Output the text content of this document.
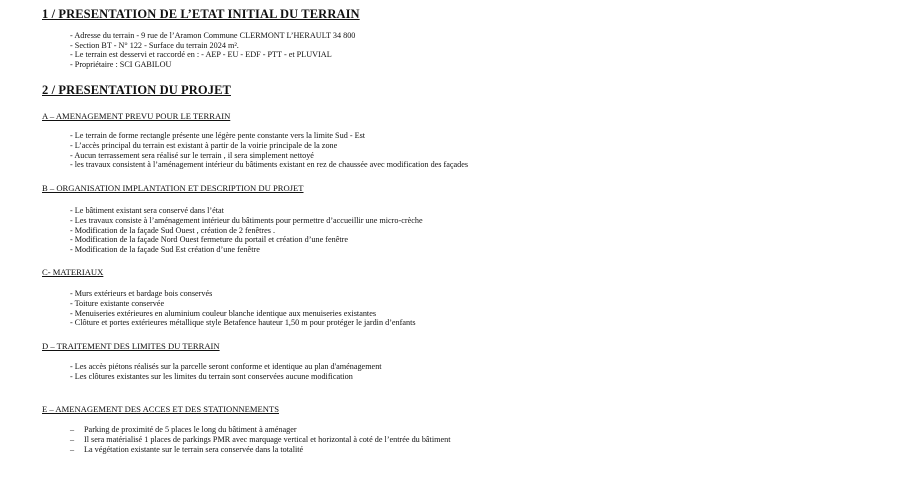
1 / PRESENTATION DE L’ETAT INITIAL DU TERRAIN
- Adresse du terrain - 9 rue de l’Aramon Commune CLERMONT L’HERAULT 34 800
- Section BT - N° 122 - Surface du terrain 2024 m².
- Le terrain est desservi et raccordé en : - AEP - EU - EDF - PTT - et PLUVIAL
- Propriétaire : SCI GABILOU
2 / PRESENTATION DU PROJET
A – AMENAGEMENT PREVU POUR LE TERRAIN
- Le terrain de forme rectangle présente une légère pente constante vers la limite Sud - Est
- L’accès principal du terrain est existant à partir de la voirie principale de la zone
- Aucun terrassement sera réalisé sur le terrain , il sera simplement nettoyé
- les travaux consistent à l’aménagement intérieur du bâtiments existant en rez de chaussée avec modification des façades
B – ORGANISATION IMPLANTATION ET DESCRIPTION DU PROJET
- Le bâtiment existant sera conservé dans l’état
- Les travaux consiste à l’aménagement intérieur du bâtiments pour permettre d’accueillir une micro-crèche
- Modification de la façade Sud Ouest , création de 2 fenêtres .
- Modification de la façade Nord Ouest fermeture du portail et création d’une fenêtre
- Modification de la façade Sud Est création d’une fenêtre
C- MATERIAUX
- Murs extérieurs et bardage bois conservés
- Toiture existante conservée
- Menuiseries extérieures en aluminium couleur blanche identique aux menuiseries existantes
- Clôture et portes extérieures métallique style Betafence hauteur 1,50 m pour protéger le jardin d’enfants
D – TRAITEMENT DES LIMITES DU TERRAIN
- Les accès piétons réalisés sur la parcelle seront conforme et identique au plan d'aménagement
- Les clôtures existantes sur les limites du terrain sont conservées aucune modification
E – AMENAGEMENT DES ACCES ET DES STATIONNEMENTS
– Parking de proximité de 5 places le long du bâtiment à aménager
– Il sera matérialisé 1 places de parkings PMR avec marquage vertical et horizontal à coté de l’entrée du bâtiment
– La végétation existante sur le terrain sera conservée dans la totalité
